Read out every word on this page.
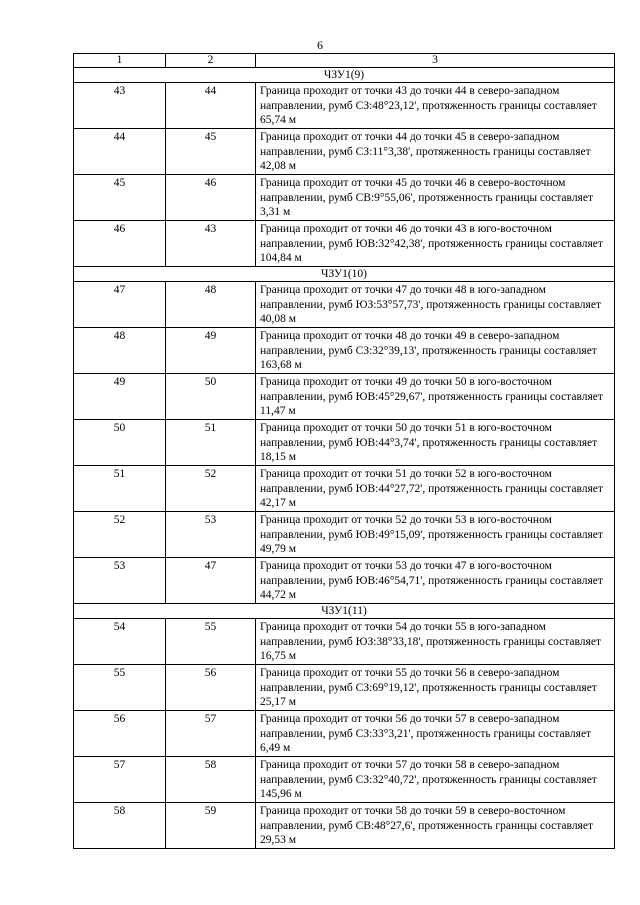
6
1	2	3
ЧЗУ1(9)		
43	44	Граница проходит от точки 43 до точки 44 в северо-западном направлении, румб СЗ:48°23,12', протяженность границы составляет 65,74 м
44	45	Граница проходит от точки 44 до точки 45 в северо-западном направлении, румб СЗ:11°3,38', протяженность границы составляет 42,08 м
45	46	Граница проходит от точки 45 до точки 46 в северо-восточном направлении, румб СВ:9°55,06', протяженность границы составляет 3,31 м
46	43	Граница проходит от точки 46 до точки 43 в юго-восточном направлении, румб ЮВ:32°42,38', протяженность границы составляет 104,84 м
ЧЗУ1(10)		
47	48	Граница проходит от точки 47 до точки 48 в юго-западном направлении, румб ЮЗ:53°57,73', протяженность границы составляет 40,08 м
48	49	Граница проходит от точки 48 до точки 49 в северо-западном направлении, румб СЗ:32°39,13', протяженность границы составляет 163,68 м
49	50	Граница проходит от точки 49 до точки 50 в юго-восточном направлении, румб ЮВ:45°29,67', протяженность границы составляет 11,47 м
50	51	Граница проходит от точки 50 до точки 51 в юго-восточном направлении, румб ЮВ:44°3,74', протяженность границы составляет 18,15 м
51	52	Граница проходит от точки 51 до точки 52 в юго-восточном направлении, румб ЮВ:44°27,72', протяженность границы составляет 42,17 м
52	53	Граница проходит от точки 52 до точки 53 в юго-восточном направлении, румб ЮВ:49°15,09', протяженность границы составляет 49,79 м
53	47	Граница проходит от точки 53 до точки 47 в юго-восточном направлении, румб ЮВ:46°54,71', протяженность границы составляет 44,72 м
ЧЗУ1(11)		
54	55	Граница проходит от точки 54 до точки 55 в юго-западном направлении, румб ЮЗ:38°33,18', протяженность границы составляет 16,75 м
55	56	Граница проходит от точки 55 до точки 56 в северо-западном направлении, румб СЗ:69°19,12', протяженность границы составляет 25,17 м
56	57	Граница проходит от точки 56 до точки 57 в северо-западном направлении, румб СЗ:33°3,21', протяженность границы составляет 6,49 м
57	58	Граница проходит от точки 57 до точки 58 в северо-западном направлении, румб СЗ:32°40,72', протяженность границы составляет 145,96 м
58	59	Граница проходит от точки 58 до точки 59 в северо-восточном направлении, румб СВ:48°27,6', протяженность границы составляет 29,53 м
